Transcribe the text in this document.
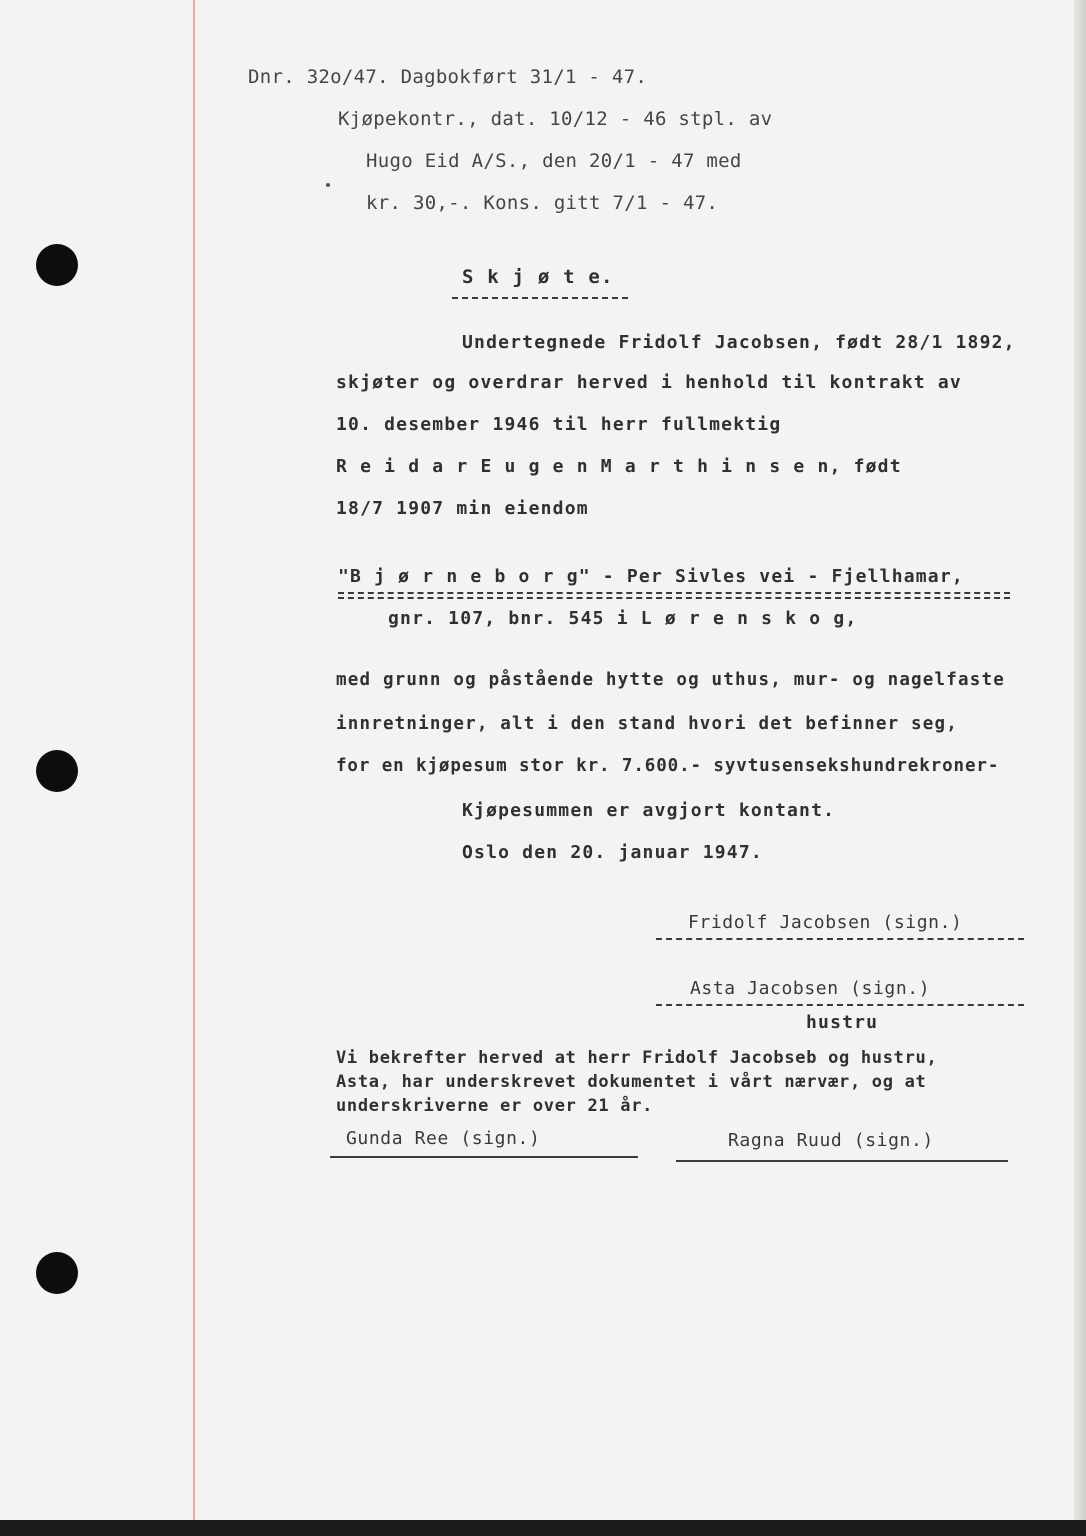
Dnr. 32o/47. Dagbokført 31/1 - 47.
Kjøpekontr., dat. 10/12 - 46 stpl. av
Hugo Eid A/S., den 20/1 - 47 med
kr. 30,-. Kons. gitt 7/1 - 47.
S k j ø t e.
Undertegnede Fridolf Jacobsen, født 28/1 1892,
skjøter og overdrar herved i henhold til kontrakt av
10. desember 1946 til herr fullmektig
R e i d a r E u g e n M a r t h i n s e n, født
18/7 1907 min eiendom
"B j ø r n e b o r g" - Per Sivles vei - Fjellhamar,
gnr. 107, bnr. 545 i L ø r e n s k o g,
med grunn og påstående hytte og uthus, mur- og nagelfaste
innretninger, alt i den stand hvori det befinner seg,
for en kjøpesum stor kr. 7.600.- syvtusensekshundrekroner-
Kjøpesummen er avgjort kontant.
Oslo den 20. januar 1947.
Fridolf Jacobsen (sign.)
Asta Jacobsen (sign.)
hustru
Vi bekrefter herved at herr Fridolf Jacobseb og hustru,
Asta, har underskrevet dokumentet i vårt nærvær, og at
underskriverne er over 21 år.
Gunda Ree (sign.)	Ragna Ruud (sign.)
